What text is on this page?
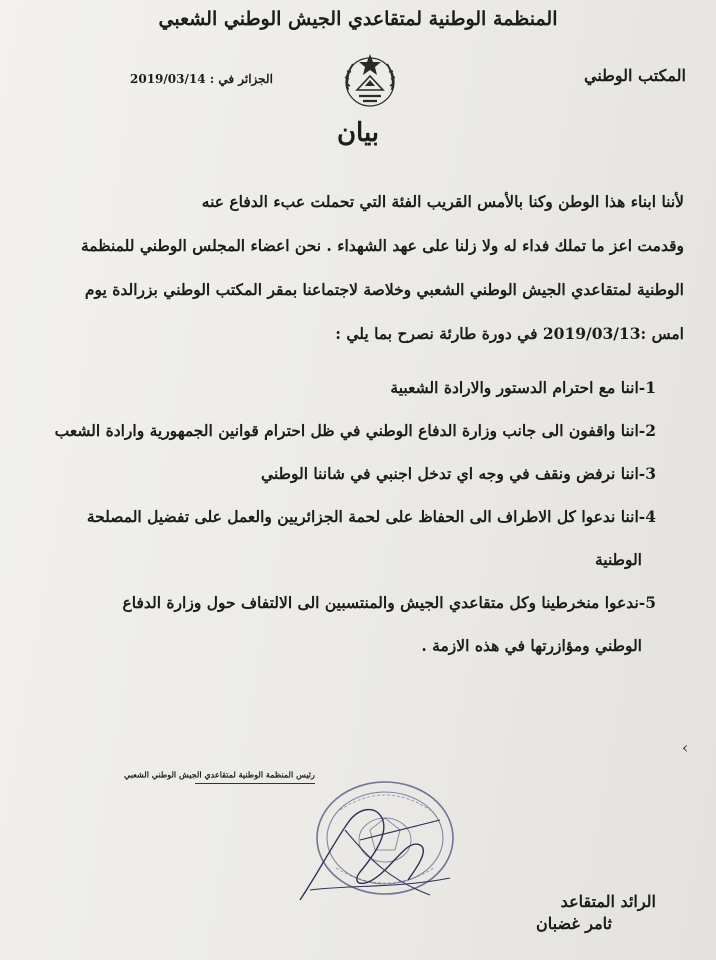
المنظمة الوطنية لمتقاعدي الجيش الوطني الشعبي
المكتب الوطني
الجزائر في : 2019/03/14
بيان
لأننا ابناء هذا الوطن وكنا بالأمس القريب الفئة التي تحملت عبء الدفاع عنه
وقدمت اعز ما تملك فداء له ولا زلنا على عهد الشهداء . نحن اعضاء المجلس الوطني للمنظمة
الوطنية لمتقاعدي الجيش الوطني الشعبي وخلاصة لاجتماعنا بمقر المكتب الوطني بزرالدة يوم
امس :2019/03/13 في دورة طارئة نصرح بما يلي :
1-اننا مع احترام الدستور والارادة الشعبية
2-اننا واقفون الى جانب وزارة الدفاع الوطني في ظل احترام قوانين الجمهورية وارادة الشعب
3-اننا نرفض ونقف في وجه اي تدخل اجنبي في شاننا الوطني
4-اننا ندعوا كل الاطراف الى الحفاظ على لحمة الجزائريين والعمل على تفضيل المصلحة
الوطنية
5-ندعوا منخرطينا وكل متقاعدي الجيش والمنتسبين الى الالتفاف حول وزارة الدفاع
الوطني ومؤازرتها في هذه الازمة .
‹
رئيس المنظمة الوطنية لمتقاعدي الجيش الوطني الشعبي
الرائد المتقاعد
ثامر غضبان
